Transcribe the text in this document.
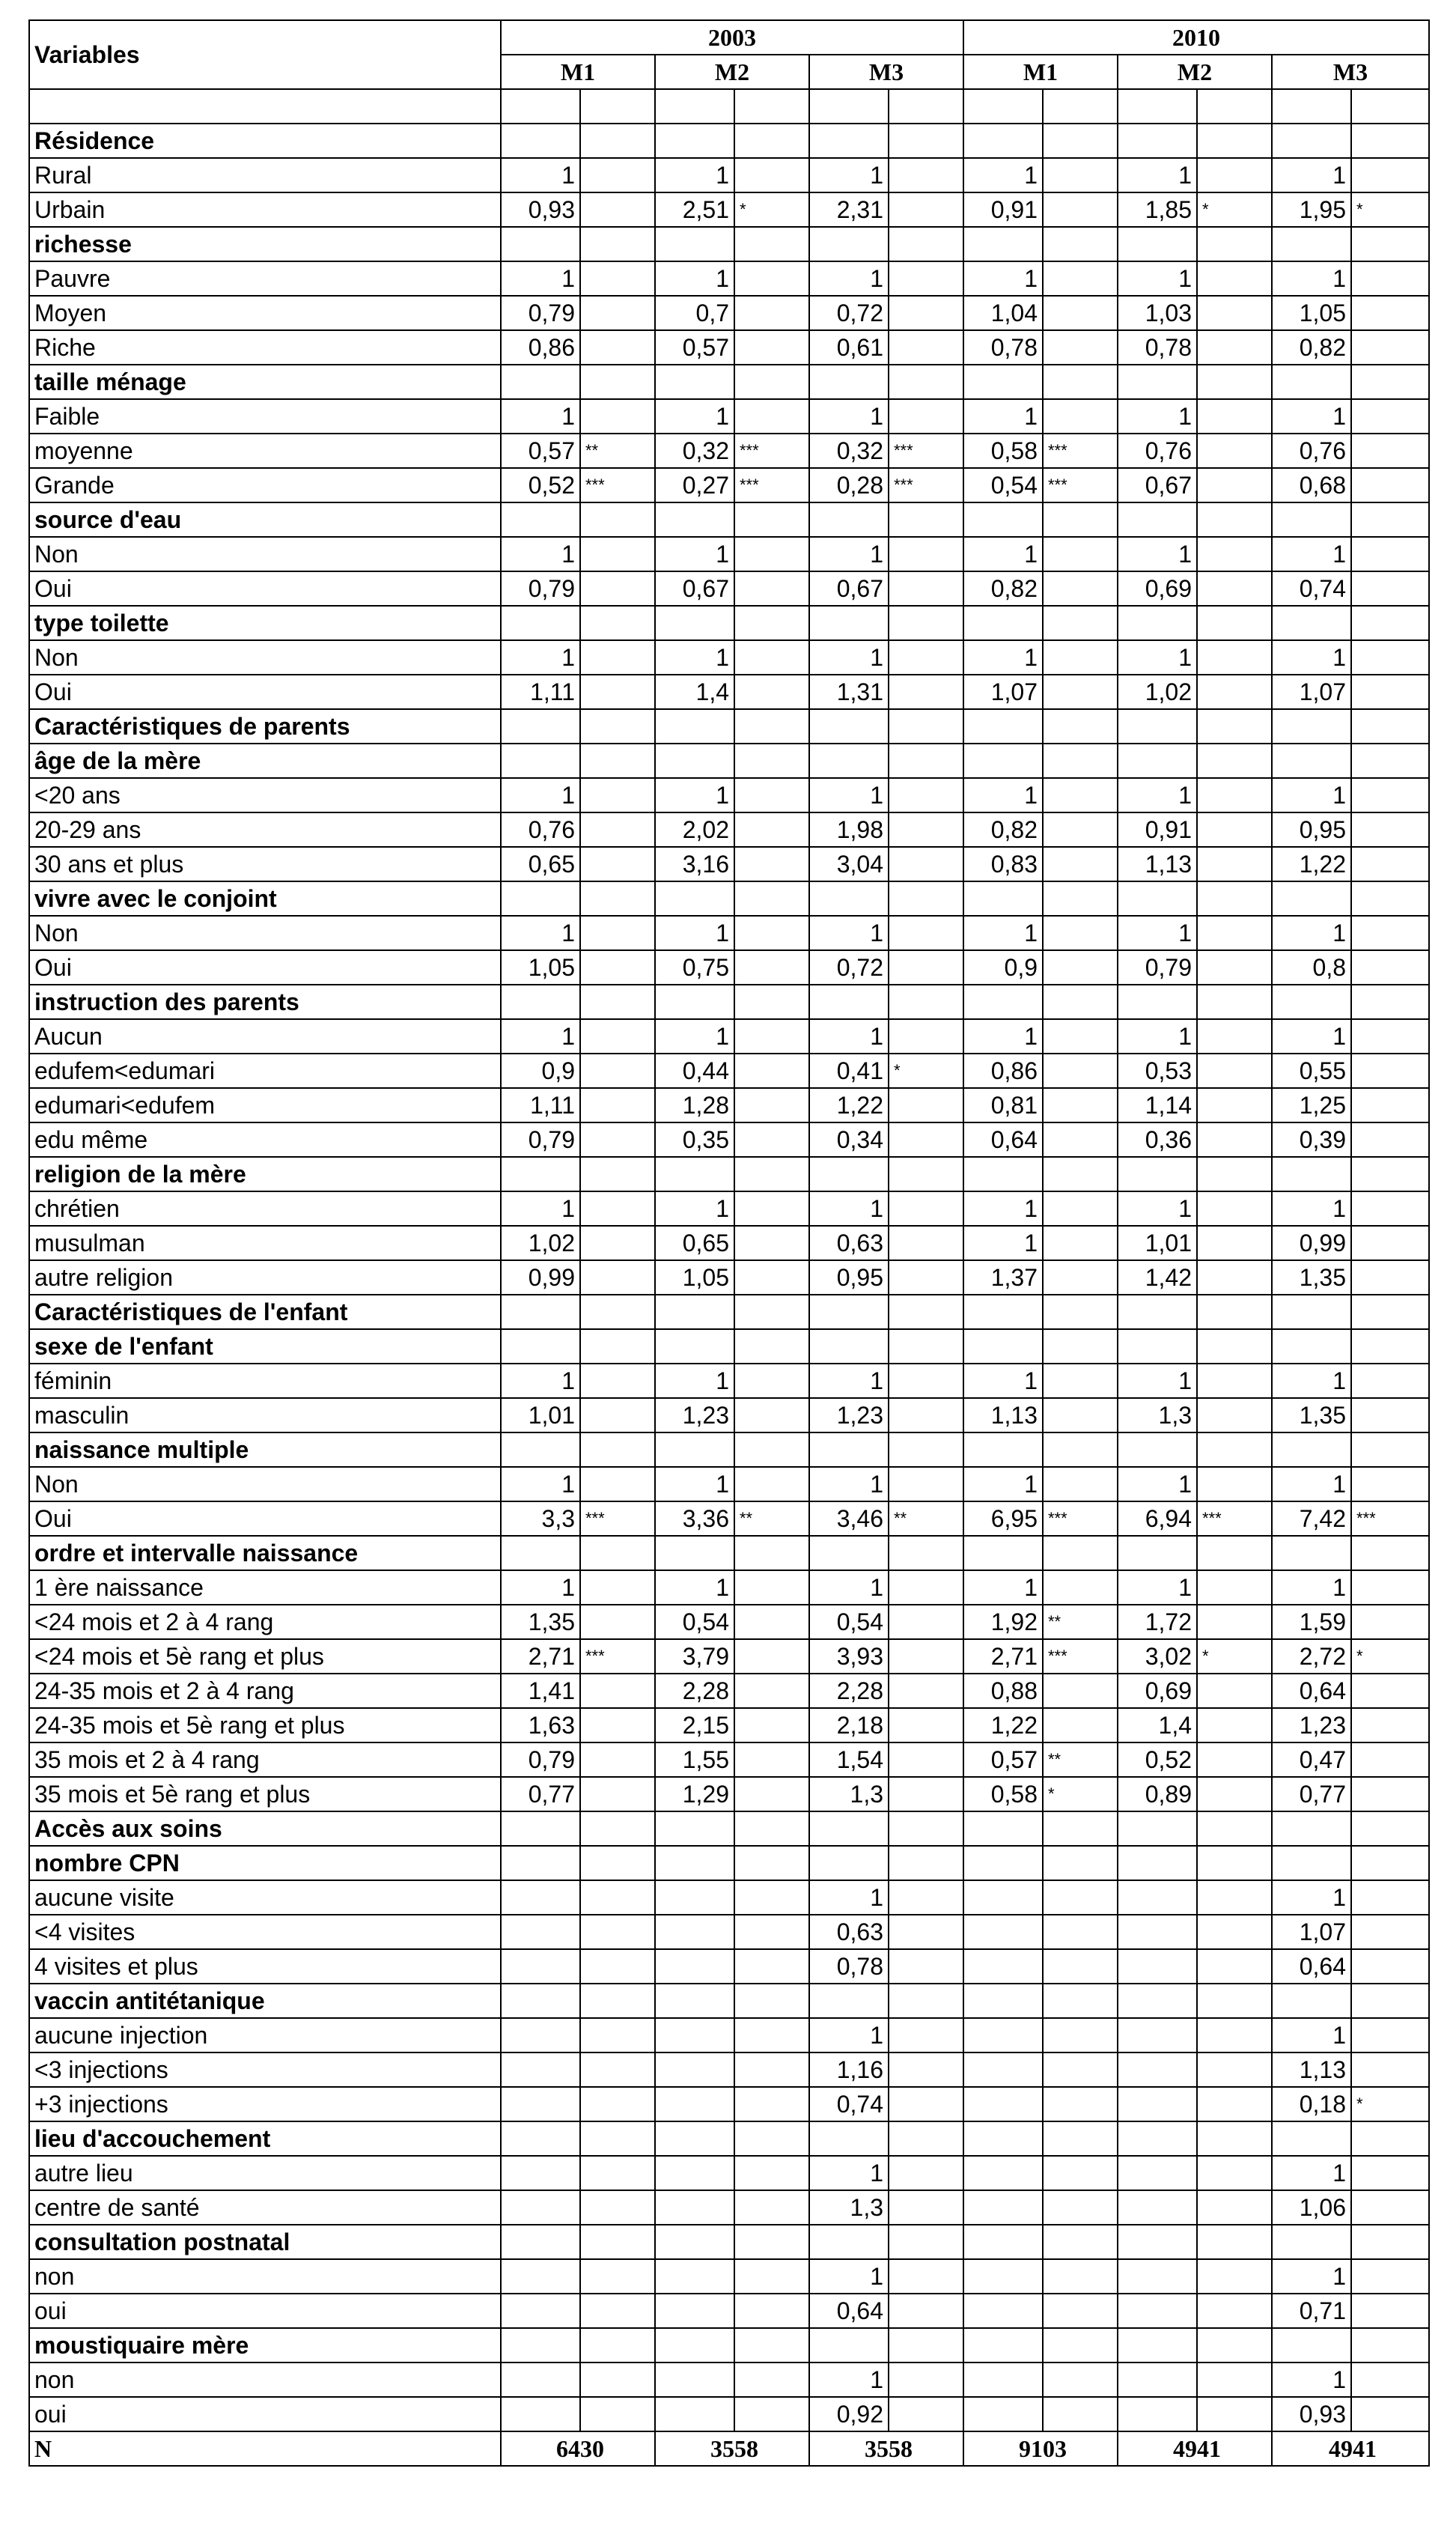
Variables	2003						2010					
	M1		M2		M3		M1		M2		M3	

Résidence												
Rural	1		1		1		1		1		1	
Urbain	0,93		2,51	*	2,31		0,91		1,85	*	1,95	*
richesse												
Pauvre	1		1		1		1		1		1	
Moyen	0,79		0,7		0,72		1,04		1,03		1,05	
Riche	0,86		0,57		0,61		0,78		0,78		0,82	
taille ménage												
Faible	1		1		1		1		1		1	
moyenne	0,57	**	0,32	***	0,32	***	0,58	***	0,76		0,76	
Grande	0,52	***	0,27	***	0,28	***	0,54	***	0,67		0,68	
source d'eau												
Non	1		1		1		1		1		1	
Oui	0,79		0,67		0,67		0,82		0,69		0,74	
type toilette												
Non	1		1		1		1		1		1	
Oui	1,11		1,4		1,31		1,07		1,02		1,07	
Caractéristiques de parents												
âge de la mère												
<20 ans	1		1		1		1		1		1	
20-29 ans	0,76		2,02		1,98		0,82		0,91		0,95	
30 ans et plus	0,65		3,16		3,04		0,83		1,13		1,22	
vivre avec le conjoint												
Non	1		1		1		1		1		1	
Oui	1,05		0,75		0,72		0,9		0,79		0,8	
instruction des parents												
Aucun	1		1		1		1		1		1	
edufem<edumari	0,9		0,44		0,41	*	0,86		0,53		0,55	
edumari<edufem	1,11		1,28		1,22		0,81		1,14		1,25	
edu même	0,79		0,35		0,34		0,64		0,36		0,39	
religion de la mère												
chrétien	1		1		1		1		1		1	
musulman	1,02		0,65		0,63		1		1,01		0,99	
autre religion	0,99		1,05		0,95		1,37		1,42		1,35	
Caractéristiques de l'enfant												
sexe de l'enfant												
féminin	1		1		1		1		1		1	
masculin	1,01		1,23		1,23		1,13		1,3		1,35	
naissance multiple												
Non	1		1		1		1		1		1	
Oui	3,3	***	3,36	**	3,46	**	6,95	***	6,94	***	7,42	***
ordre et intervalle naissance												
1 ère naissance	1		1		1		1		1		1	
<24 mois et 2 à 4 rang	1,35		0,54		0,54		1,92	**	1,72		1,59	
<24 mois et 5è rang et plus	2,71	***	3,79		3,93		2,71	***	3,02	*	2,72	*
24-35 mois et 2 à 4 rang	1,41		2,28		2,28		0,88		0,69		0,64	
24-35 mois et 5è rang et plus	1,63		2,15		2,18		1,22		1,4		1,23	
35 mois et 2 à 4 rang	0,79		1,55		1,54		0,57	**	0,52		0,47	
35 mois et 5è rang et plus	0,77		1,29		1,3		0,58	*	0,89		0,77	
Accès aux soins												
nombre CPN												
aucune visite					1						1	
<4 visites					0,63						1,07	
4 visites et plus					0,78						0,64	
vaccin antitétanique												
aucune injection					1						1	
<3 injections					1,16						1,13	
+3 injections					0,74						0,18	*
lieu d'accouchement												
autre lieu					1						1	
centre de santé					1,3						1,06	
consultation postnatal												
non					1						1	
oui					0,64						0,71	
moustiquaire mère												
non					1						1	
oui					0,92						0,93	
N	6430		3558		3558		9103		4941		4941	
